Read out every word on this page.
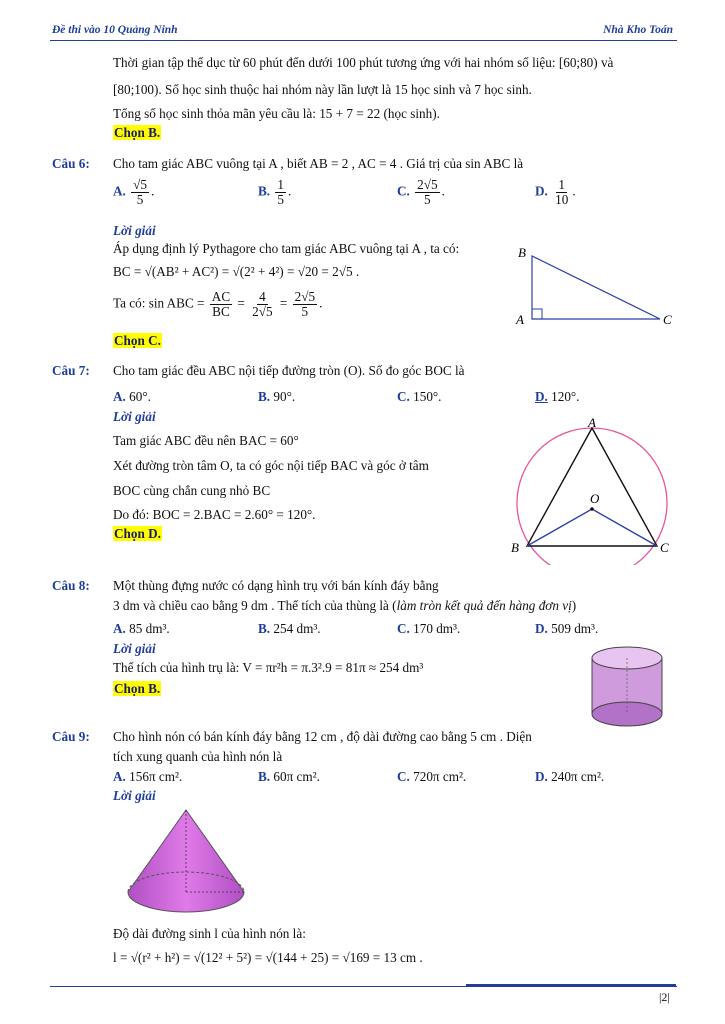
Đề thi vào 10 Quảng Ninh	Nhà Kho Toán
Thời gian tập thể dục từ 60 phút đến dưới 100 phút tương ứng với hai nhóm số liệu: [60;80) và
[80;100). Số học sinh thuộc hai nhóm này lần lượt là 15 học sinh và 7 học sinh.
Tổng số học sinh thỏa mãn yêu cầu là: 15 + 7 = 22 (học sinh).
Chọn B.
Câu 6: Cho tam giác ABC vuông tại A , biết AB = 2 , AC = 4 . Giá trị của sin ABC là
A. $\frac{√5}{5}$ .	B. $\frac{1}{5}$ .	C. $\frac{2√5}{5}$ .	D. $\frac{1}{10}$ .
Lời giải
Áp dụng định lý Pythagore cho tam giác ABC vuông tại A , ta có:
BC = √(AB² + AC²) = √(2² + 4²) = √20 = 2√5 .
Ta có: sin ABC = $\frac{AC}{BC} = \frac{4}{2√5} = \frac{2√5}{5}$ .
Chọn C.
B
A	C
Câu 7: Cho tam giác đều ABC nội tiếp đường tròn (O). Số đo góc BOC là
A. 60°.	B. 90°.	C. 150°.	D. 120°.
Lời giải
Tam giác ABC đều nên BAC = 60°
Xét đường tròn tâm O, ta có góc nội tiếp BAC và góc ở tâm
BOC cùng chắn cung nhỏ BC
Do đó: BOC = 2.BAC = 2.60° = 120°.
Chọn D.
A
O
B	C
Câu 8: Một thùng đựng nước có dạng hình trụ với bán kính đáy bằng
3 dm và chiều cao bằng 9 dm . Thể tích của thùng là (làm tròn kết quả đến hàng đơn vị)
A. 85 dm³.	B. 254 dm³.	C. 170 dm³.	D. 509 dm³.
Lời giải
Thể tích của hình trụ là: V = πr²h = π.3².9 = 81π ≈ 254 dm³
Chọn B.
Câu 9: Cho hình nón có bán kính đáy bằng 12 cm , độ dài đường cao bằng 5 cm . Diện
tích xung quanh của hình nón là
A. 156π cm².	B. 60π cm².	C. 720π cm².	D. 240π cm².
Lời giải
Độ dài đường sinh l của hình nón là:
l = √(r² + h²) = √(12² + 5²) = √(144 + 25) = √169 = 13 cm .
|2|
